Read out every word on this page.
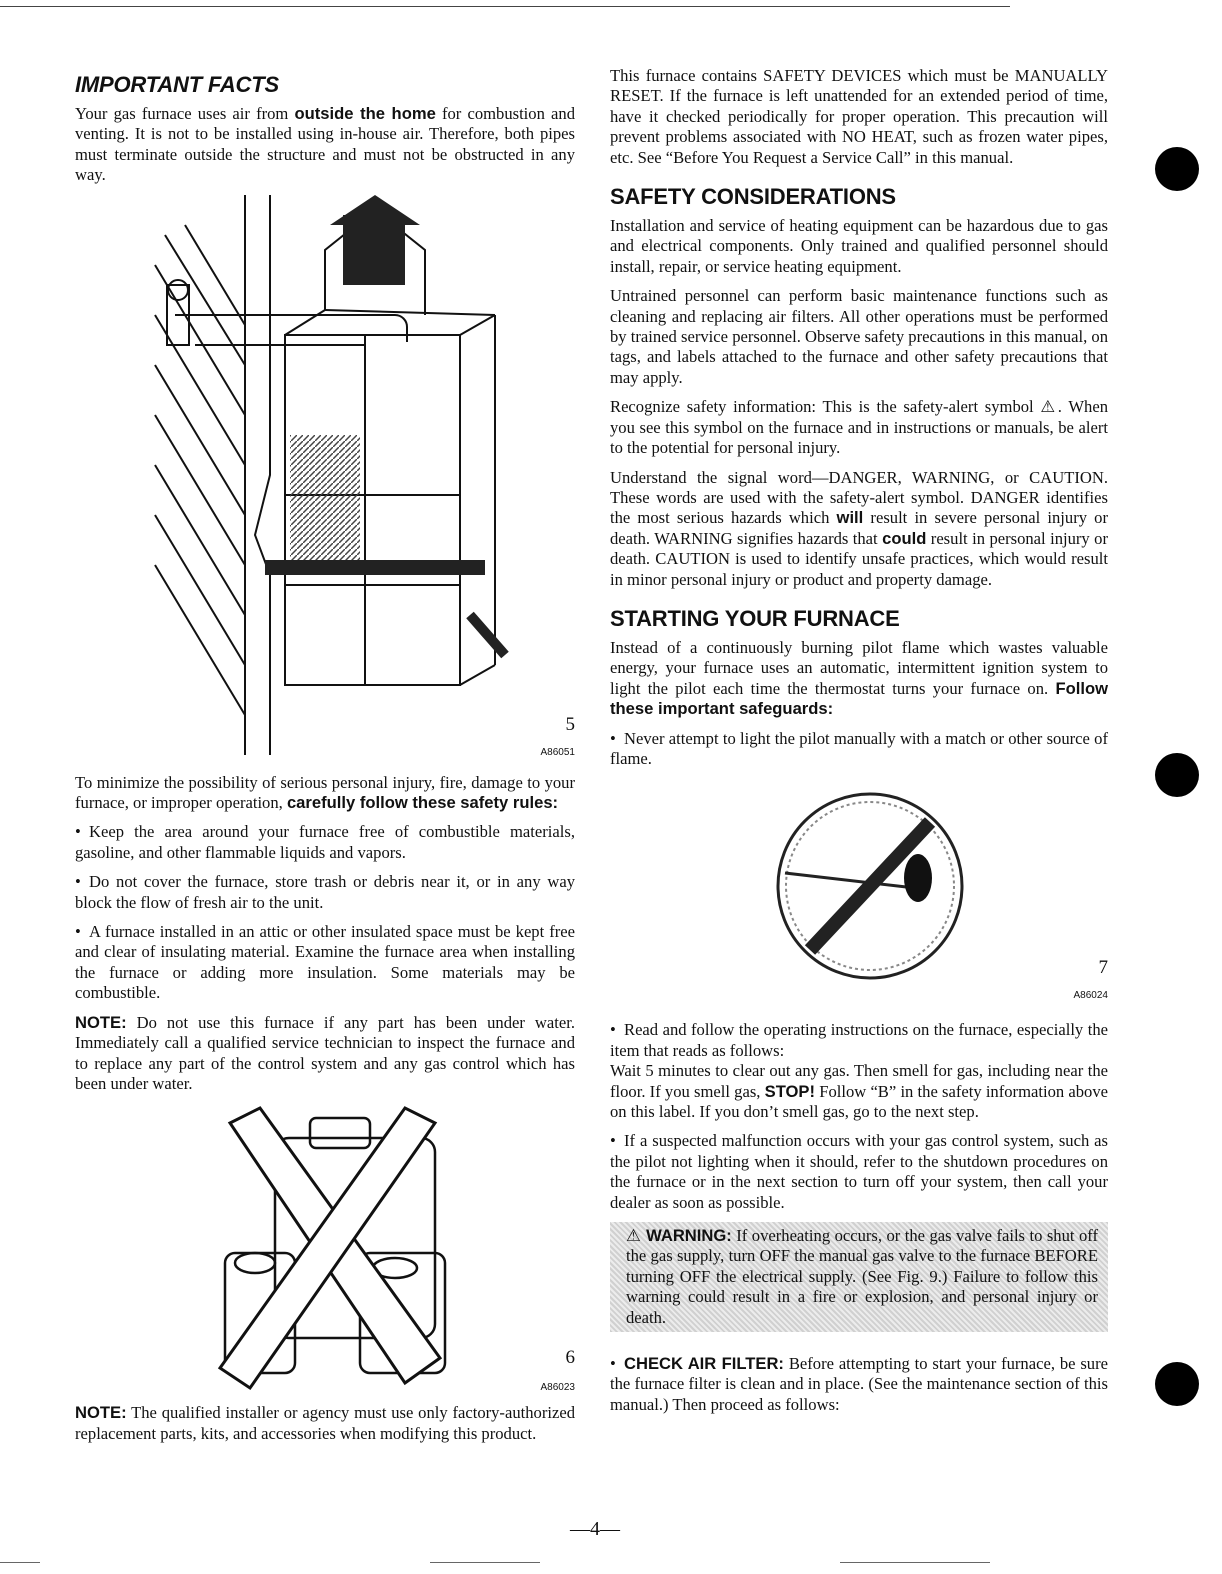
IMPORTANT FACTS

Your gas furnace uses air from outside the home for combustion and venting. It is not to be installed using in-house air. Therefore, both pipes must terminate outside the structure and must not be obstructed in any way.

5
A86051

To minimize the possibility of serious personal injury, fire, damage to your furnace, or improper operation, carefully follow these safety rules:

• Keep the area around your furnace free of combustible materials, gasoline, and other flammable liquids and vapors.

• Do not cover the furnace, store trash or debris near it, or in any way block the flow of fresh air to the unit.

• A furnace installed in an attic or other insulated space must be kept free and clear of insulating material. Examine the furnace area when installing the furnace or adding more insulation. Some materials may be combustible.

NOTE: Do not use this furnace if any part has been under water. Immediately call a qualified service technician to inspect the furnace and to replace any part of the control system and any gas control which has been under water.

6
A86023

NOTE: The qualified installer or agency must use only factory-authorized replacement parts, kits, and accessories when modifying this product.

This furnace contains SAFETY DEVICES which must be MANUALLY RESET. If the furnace is left unattended for an extended period of time, have it checked periodically for proper operation. This precaution will prevent problems associated with NO HEAT, such as frozen water pipes, etc. See “Before You Request a Service Call” in this manual.

SAFETY CONSIDERATIONS

Installation and service of heating equipment can be hazardous due to gas and electrical components. Only trained and qualified personnel should install, repair, or service heating equipment.

Untrained personnel can perform basic maintenance functions such as cleaning and replacing air filters. All other operations must be performed by trained service personnel. Observe safety precautions in this manual, on tags, and labels attached to the furnace and other safety precautions that may apply.

Recognize safety information: This is the safety-alert symbol ⚠. When you see this symbol on the furnace and in instructions or manuals, be alert to the potential for personal injury.

Understand the signal word—DANGER, WARNING, or CAUTION. These words are used with the safety-alert symbol. DANGER identifies the most serious hazards which will result in severe personal injury or death. WARNING signifies hazards that could result in personal injury or death. CAUTION is used to identify unsafe practices, which would result in minor personal injury or product and property damage.

STARTING YOUR FURNACE

Instead of a continuously burning pilot flame which wastes valuable energy, your furnace uses an automatic, intermittent ignition system to light the pilot each time the thermostat turns your furnace on. Follow these important safeguards:

• Never attempt to light the pilot manually with a match or other source of flame.

7
A86024

• Read and follow the operating instructions on the furnace, especially the item that reads as follows:

Wait 5 minutes to clear out any gas. Then smell for gas, including near the floor. If you smell gas, STOP! Follow “B” in the safety information above on this label. If you don’t smell gas, go to the next step.

• If a suspected malfunction occurs with your gas control system, such as the pilot not lighting when it should, refer to the shutdown procedures on the furnace or in the next section to turn off your system, then call your dealer as soon as possible.

⚠ WARNING: If overheating occurs, or the gas valve fails to shut off the gas supply, turn OFF the manual gas valve to the furnace BEFORE turning OFF the electrical supply. (See Fig. 9.) Failure to follow this warning could result in a fire or explosion, and personal injury or death.

• CHECK AIR FILTER: Before attempting to start your furnace, be sure the furnace filter is clean and in place. (See the maintenance section of this manual.) Then proceed as follows:

—4—
